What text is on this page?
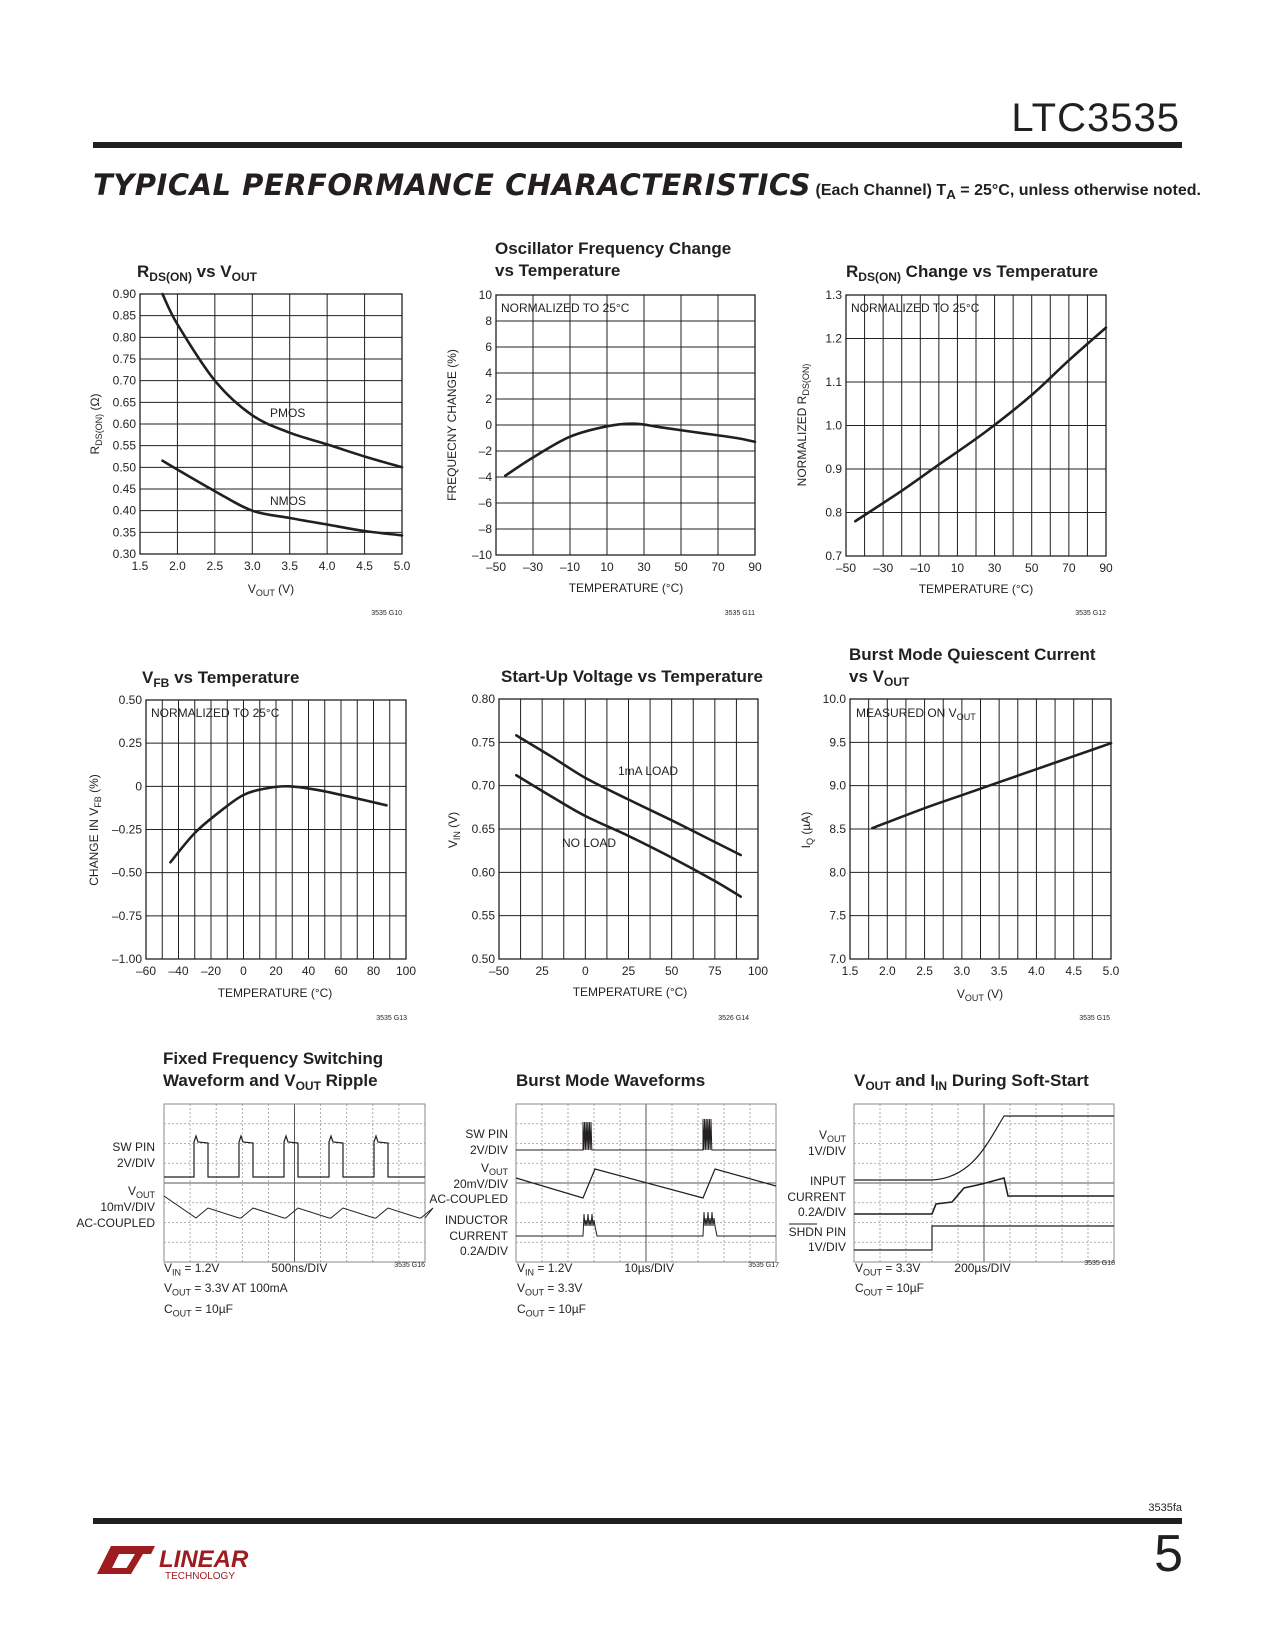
LTC3535
TYPICAL PERFORMANCE CHARACTERISTICS (Each Channel) $T_A = 25^\circ C$, unless otherwise noted.
$R_{DS(ON)}$ vs $V_{OUT}$
0.90
0.85
0.80
0.75
0.70
0.65
0.60
0.55
0.50
0.45
0.40
0.35
0.30
1.5 2.0 2.5 3.0 3.5 4.0 4.5 5.0
$R_{DS(ON)}$ (Ω)
$V_{OUT}$ (V)
PMOS
NMOS
3535 G10
Oscillator Frequency Change
vs Temperature
10
8
6
4
2
0
–2
–4
–6
–8
–10
–50 –30 –10 10 30 50 70 90
NORMALIZED TO 25°C
FREQUECNY CHANGE (%)
TEMPERATURE (°C)
3535 G11
$R_{DS(ON)}$ Change vs Temperature
1.3
1.2
1.1
1.0
0.9
0.8
0.7
–50 –30 –10 10 30 50 70 90
NORMALIZED TO 25°C
NORMALIZED $R_{DS(ON)}$
TEMPERATURE (°C)
3535 G12
$V_{FB}$ vs Temperature
0.50
0.25
0
–0.25
–0.50
–0.75
–1.00
–60 –40 –20 0 20 40 60 80 100
NORMALIZED TO 25°C
CHANGE IN $V_{FB}$ (%)
TEMPERATURE (°C)
3535 G13
Start-Up Voltage vs Temperature
0.80
0.75
0.70
0.65
0.60
0.55
0.50
–50 25	0	25 50 75 100
$V_{IN}$ (V)
TEMPERATURE (°C)
1mA LOAD
NO LOAD
3526 G14
Burst Mode Quiescent Current
vs $V_{OUT}$
10.0
9.5
9.0
8.5
8.0
7.5
7.0
1.5 2.0 2.5 3.0 3.5 4.0 4.5 5.0
MEASURED ON $V_{OUT}$
$I_Q$ (µA)
$V_{OUT}$ (V)
3535 G15
Fixed Frequency Switching
Waveform and $V_{OUT}$ Ripple
SW PIN
2V/DIV
$V_{OUT}$
10mV/DIV
AC-COUPLED
3535 G16
$V_{IN} = 1.2V$	500ns/DIV
$V_{OUT} = 3.3V$ AT 100mA
$C_{OUT} = 10\mu F$
Burst Mode Waveforms
SW PIN
2V/DIV
$V_{OUT}$
20mV/DIV
AC-COUPLED
INDUCTOR
CURRENT
0.2A/DIV
3535 G17
$V_{IN} = 1.2V$	10µs/DIV
$V_{OUT} = 3.3V$
$C_{OUT} = 10\mu F$
$V_{OUT}$ and $I_{IN}$ During Soft-Start
$V_{OUT}$
1V/DIV
INPUT
CURRENT
0.2A/DIV
SHDN PIN
1V/DIV
3535 G18
$V_{OUT} = 3.3V$	200µs/DIV
$C_{OUT} = 10\mu F$
3535fa
LINEAR
TECHNOLOGY	5
